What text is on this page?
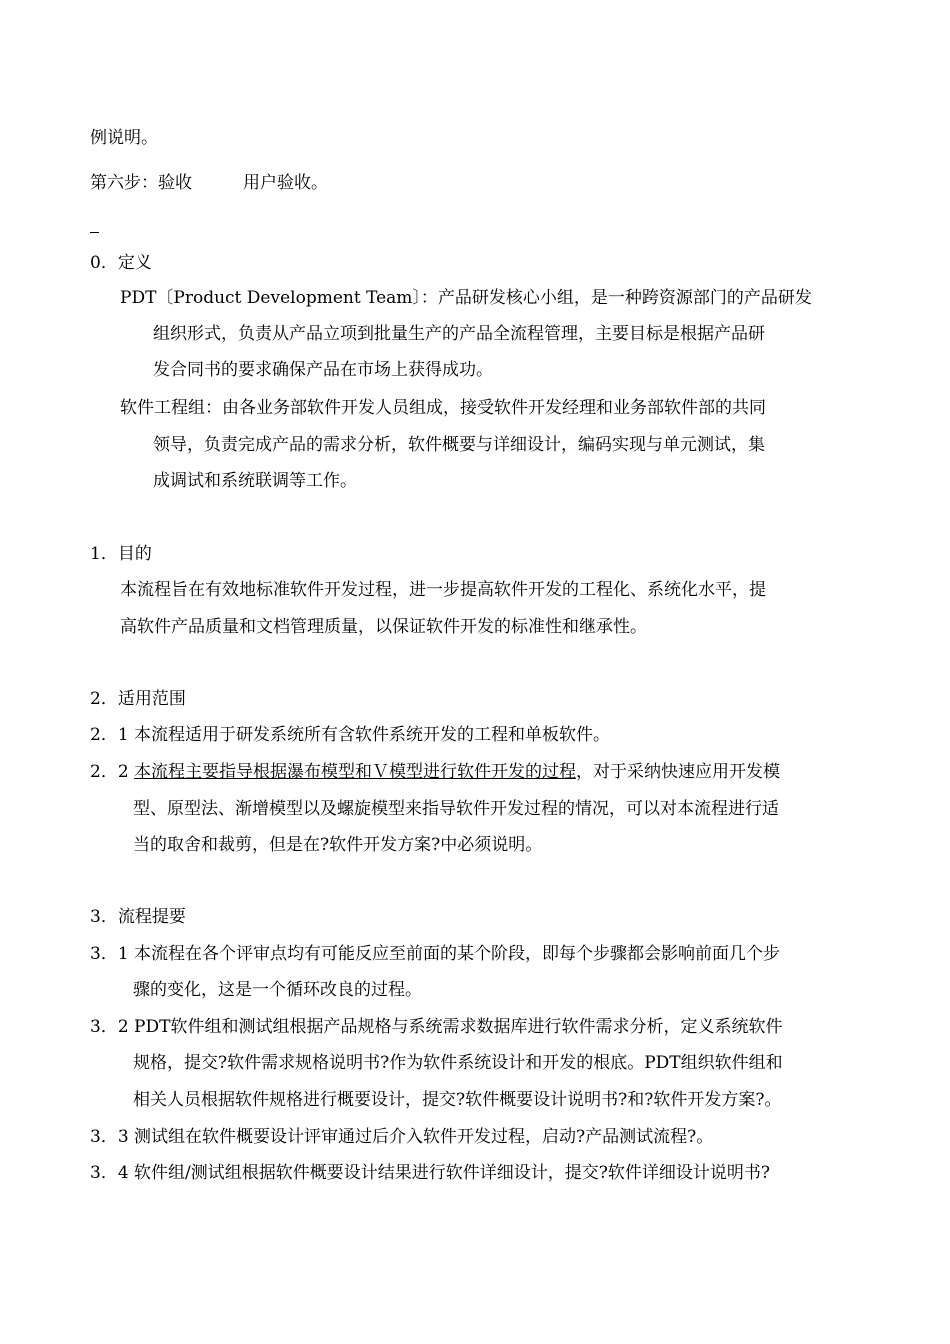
例说明。
第六步：验收　　　用户验收。
0．定义
PDT〔Product Development Team〕：产品研发核心小组，是一种跨资源部门的产品研发
组织形式，负责从产品立项到批量生产的产品全流程管理，主要目标是根据产品研
发合同书的要求确保产品在市场上获得成功。
软件工程组：由各业务部软件开发人员组成，接受软件开发经理和业务部软件部的共同
领导，负责完成产品的需求分析，软件概要与详细设计，编码实现与单元测试，集
成调试和系统联调等工作。
1．目的
本流程旨在有效地标准软件开发过程，进一步提高软件开发的工程化、系统化水平，提
高软件产品质量和文档管理质量，以保证软件开发的标准性和继承性。
2．适用范围
2．1 本流程适用于研发系统所有含软件系统开发的工程和单板软件。
2．2 本流程主要指导根据瀑布模型和Ｖ模型进行软件开发的过程，对于采纳快速应用开发模
型、原型法、渐增模型以及螺旋模型来指导软件开发过程的情况，可以对本流程进行适
当的取舍和裁剪，但是在?软件开发方案?中必须说明。
3．流程提要
3．1 本流程在各个评审点均有可能反应至前面的某个阶段，即每个步骤都会影响前面几个步
骤的变化，这是一个循环改良的过程。
3．2 PDT软件组和测试组根据产品规格与系统需求数据库进行软件需求分析，定义系统软件
规格，提交?软件需求规格说明书?作为软件系统设计和开发的根底。PDT组织软件组和
相关人员根据软件规格进行概要设计，提交?软件概要设计说明书?和?软件开发方案?。
3．3 测试组在软件概要设计评审通过后介入软件开发过程，启动?产品测试流程?。
3．4 软件组/测试组根据软件概要设计结果进行软件详细设计，提交?软件详细设计说明书?
